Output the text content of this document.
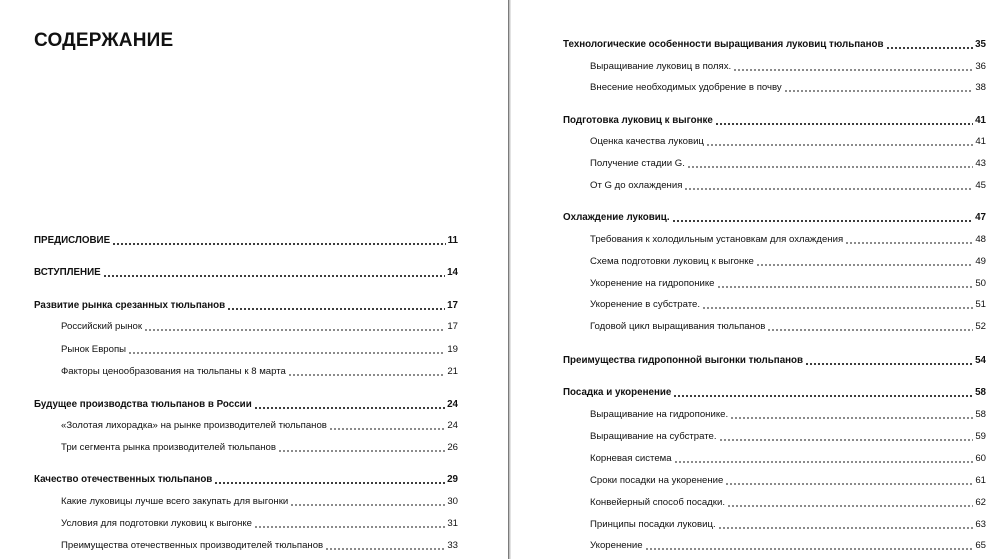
СОДЕРЖАНИЕ
ПРЕДИСЛОВИЕ	11
ВСТУПЛЕНИЕ	14
Развитие рынка срезанных тюльпанов	17
Российский рынок	17
Рынок Европы	19
Факторы ценообразования на тюльпаны к 8 марта	21
Будущее производства тюльпанов в России	24
«Золотая лихорадка» на рынке производителей тюльпанов	24
Три сегмента рынка производителей тюльпанов	26
Качество отечественных тюльпанов	29
Какие луковицы лучше всего закупать для выгонки	30
Условия для подготовки луковиц к выгонке	31
Преимущества отечественных производителей тюльпанов	33
Технологические особенности выращивания луковиц тюльпанов	35
Выращивание луковиц в полях.	36
Внесение необходимых удобрение в почву	38
Подготовка луковиц к выгонке	41
Оценка качества луковиц	41
Получение стадии G.	43
От G до охлаждения	45
Охлаждение луковиц.	47
Требования к холодильным установкам для охлаждения	48
Схема подготовки луковиц к выгонке	49
Укоренение на гидропонике	50
Укоренение в субстрате.	51
Годовой цикл выращивания тюльпанов	52
Преимущества гидропонной выгонки тюльпанов	54
Посадка и укоренение	58
Выращивание на гидропонике.	58
Выращивание на субстрате.	59
Корневая система	60
Сроки посадки на укоренение	61
Конвейерный способ посадки.	62
Принципы посадки луковиц.	63
Укоренение	65
